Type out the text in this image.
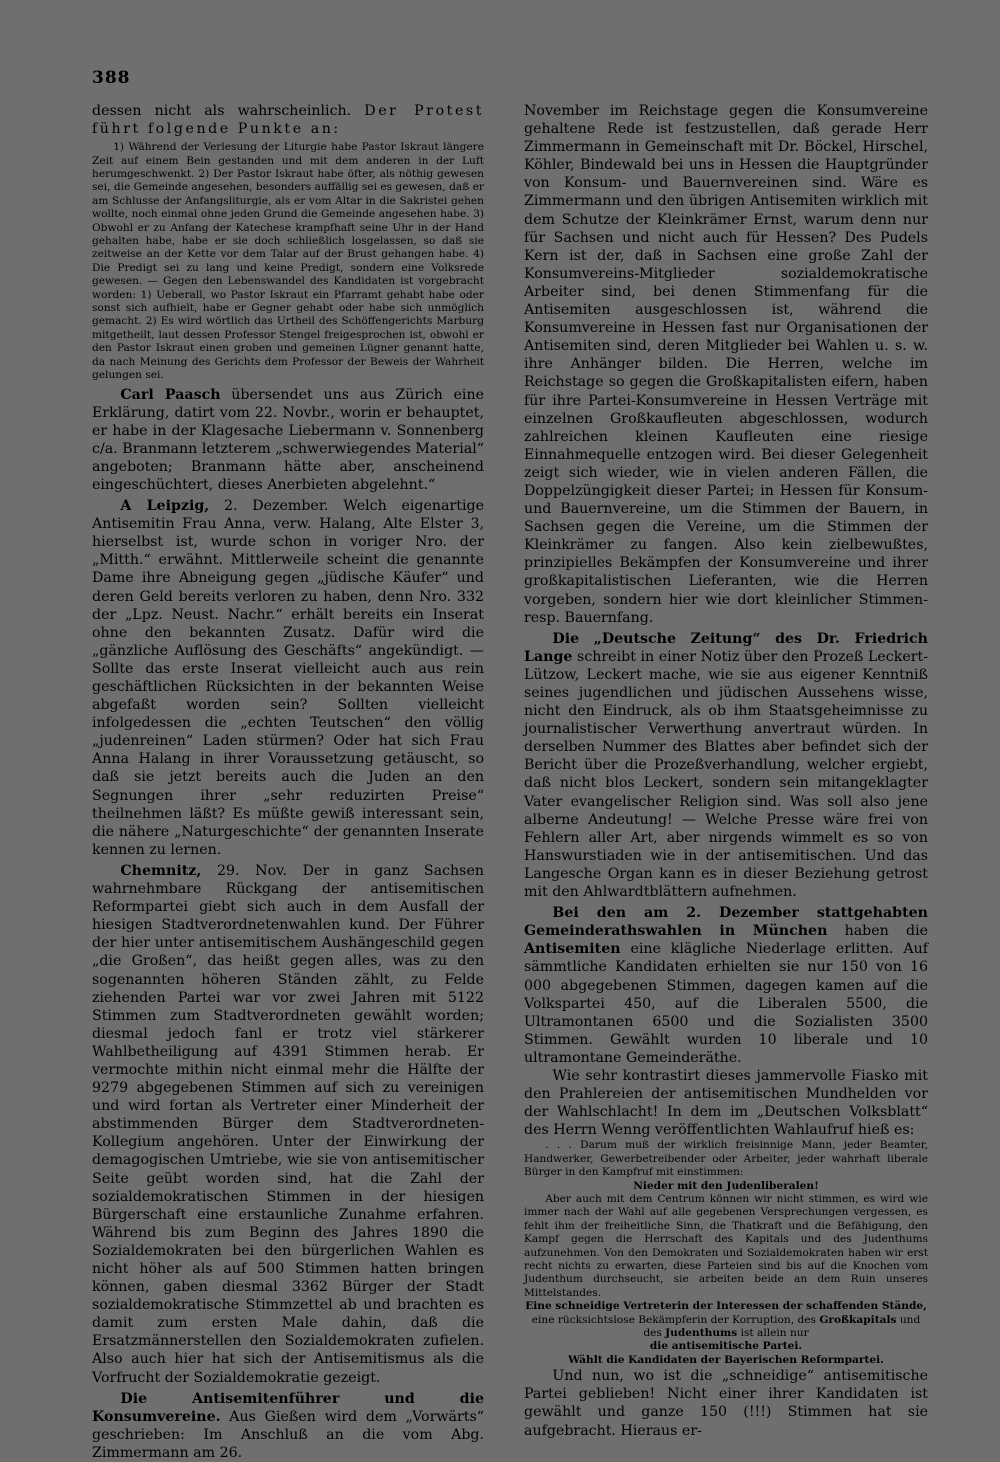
388

dessen nicht als wahrscheinlich. Der Protest führt folgende Punkte an:

1) Während der Verlesung der Liturgie habe Pastor Iskraut längere Zeit auf einem Bein gestanden und mit dem anderen in der Luft herumgeschwenkt. 2) Der Pastor Iskraut habe öfter, als nöthig gewesen sei, die Gemeinde angesehen, besonders auffällig sei es gewesen, daß er am Schlusse der Anfangsliturgie, als er vom Altar in die Sakristei gehen wollte, noch einmal ohne jeden Grund die Gemeinde angesehen habe. 3) Obwohl er zu Anfang der Katechese krampfhaft seine Uhr in der Hand gehalten habe, habe er sie doch schließlich losgelassen, so daß sie zeitweise an der Kette vor dem Talar auf der Brust gehangen habe. 4) Die Predigt sei zu lang und keine Predigt, sondern eine Volksrede gewesen. — Gegen den Lebenswandel des Kandidaten ist vorgebracht worden: 1) Ueberall, wo Pastor Iskraut ein Pfarramt gehabt habe oder sonst sich aufhielt, habe er Gegner gehabt oder habe sich unmöglich gemacht. 2) Es wird wörtlich das Urtheil des Schöffengerichts Marburg mitgetheilt, laut dessen Professor Stengel freigesprochen ist, obwohl er den Pastor Iskraut einen groben und gemeinen Lügner genannt hatte, da nach Meinung des Gerichts dem Professor der Beweis der Wahrheit gelungen sei.

Carl Paasch übersendet uns aus Zürich eine Erklärung, datirt vom 22. Novbr., worin er behauptet, er habe in der Klagesache Liebermann v. Sonnenberg c/a. Branmann letzterem „schwerwiegendes Material“ angeboten; Branmann hätte aber, anscheinend eingeschüchtert, dieses Anerbieten abgelehnt.“

A Leipzig, 2. Dezember. Welch eigenartige Antisemitin Frau Anna, verw. Halang, Alte Elster 3, hierselbst ist, wurde schon in voriger Nro. der „Mitth.“ erwähnt. Mittlerweile scheint die genannte Dame ihre Abneigung gegen „jüdische Käufer“ und deren Geld bereits verloren zu haben, denn Nro. 332 der „Lpz. Neust. Nachr.“ erhält bereits ein Inserat ohne den bekannten Zusatz. Dafür wird die „gänzliche Auflösung des Geschäfts“ angekündigt. — Sollte das erste Inserat vielleicht auch aus rein geschäftlichen Rücksichten in der bekannten Weise abgefaßt worden sein? Sollten vielleicht infolgedessen die „echten Teutschen“ den völlig „judenreinen“ Laden stürmen? Oder hat sich Frau Anna Halang in ihrer Voraussetzung getäuscht, so daß sie jetzt bereits auch die Juden an den Segnungen ihrer „sehr reduzirten Preise“ theilnehmen läßt? Es müßte gewiß interessant sein, die nähere „Naturgeschichte“ der genannten Inserate kennen zu lernen.

Chemnitz, 29. Nov. Der in ganz Sachsen wahrnehmbare Rückgang der antisemitischen Reformpartei giebt sich auch in dem Ausfall der hiesigen Stadtverordnetenwahlen kund. Der Führer der hier unter antisemitischem Aushängeschild gegen „die Großen“, das heißt gegen alles, was zu den sogenannten höheren Ständen zählt, zu Felde ziehenden Partei war vor zwei Jahren mit 5122 Stimmen zum Stadtverordneten gewählt worden; diesmal jedoch fanl er trotz viel stärkerer Wahlbetheiligung auf 4391 Stimmen herab. Er vermochte mithin nicht einmal mehr die Hälfte der 9279 abgegebenen Stimmen auf sich zu vereinigen und wird fortan als Vertreter einer Minderheit der abstimmenden Bürger dem Stadtverordneten-Kollegium angehören. Unter der Einwirkung der demagogischen Umtriebe, wie sie von antisemitischer Seite geübt worden sind, hat die Zahl der sozialdemokratischen Stimmen in der hiesigen Bürgerschaft eine erstaunliche Zunahme erfahren. Während bis zum Beginn des Jahres 1890 die Sozialdemokraten bei den bürgerlichen Wahlen es nicht höher als auf 500 Stimmen hatten bringen können, gaben diesmal 3362 Bürger der Stadt sozialdemokratische Stimmzettel ab und brachten es damit zum ersten Male dahin, daß die Ersatzmännerstellen den Sozialdemokraten zufielen. Also auch hier hat sich der Antisemitismus als die Vorfrucht der Sozialdemokratie gezeigt.

Die Antisemitenführer und die Konsumvereine. Aus Gießen wird dem „Vorwärts“ geschrieben: Im Anschluß an die vom Abg. Zimmermann am 26.

November im Reichstage gegen die Konsumvereine gehaltene Rede ist festzustellen, daß gerade Herr Zimmermann in Gemeinschaft mit Dr. Böckel, Hirschel, Köhler, Bindewald bei uns in Hessen die Hauptgründer von Konsum- und Bauernvereinen sind. Wäre es Zimmermann und den übrigen Antisemiten wirklich mit dem Schutze der Kleinkrämer Ernst, warum denn nur für Sachsen und nicht auch für Hessen? Des Pudels Kern ist der, daß in Sachsen eine große Zahl der Konsumvereins-Mitglieder sozialdemokratische Arbeiter sind, bei denen Stimmenfang für die Antisemiten ausgeschlossen ist, während die Konsumvereine in Hessen fast nur Organisationen der Antisemiten sind, deren Mitglieder bei Wahlen u. s. w. ihre Anhänger bilden. Die Herren, welche im Reichstage so gegen die Großkapitalisten eifern, haben für ihre Partei-Konsumvereine in Hessen Verträge mit einzelnen Großkaufleuten abgeschlossen, wodurch zahlreichen kleinen Kaufleuten eine riesige Einnahmequelle entzogen wird. Bei dieser Gelegenheit zeigt sich wieder, wie in vielen anderen Fällen, die Doppelzüngigkeit dieser Partei; in Hessen für Konsum- und Bauernvereine, um die Stimmen der Bauern, in Sachsen gegen die Vereine, um die Stimmen der Kleinkrämer zu fangen. Also kein zielbewußtes, prinzipielles Bekämpfen der Konsumvereine und ihrer großkapitalistischen Lieferanten, wie die Herren vorgeben, sondern hier wie dort kleinlicher Stimmen- resp. Bauernfang.

Die „Deutsche Zeitung“ des Dr. Friedrich Lange schreibt in einer Notiz über den Prozeß Leckert-Lützow, Leckert mache, wie sie aus eigener Kenntniß seines jugendlichen und jüdischen Aussehens wisse, nicht den Eindruck, als ob ihm Staatsgeheimnisse zu journalistischer Verwerthung anvertraut würden. In derselben Nummer des Blattes aber befindet sich der Bericht über die Prozeßverhandlung, welcher ergiebt, daß nicht blos Leckert, sondern sein mitangeklagter Vater evangelischer Religion sind. Was soll also jene alberne Andeutung! — Welche Presse wäre frei von Fehlern aller Art, aber nirgends wimmelt es so von Hanswurstiaden wie in der antisemitischen. Und das Langesche Organ kann es in dieser Beziehung getrost mit den Ahlwardtblättern aufnehmen.

Bei den am 2. Dezember stattgehabten Gemeinderathswahlen in München haben die Antisemiten eine klägliche Niederlage erlitten. Auf sämmtliche Kandidaten erhielten sie nur 150 von 16 000 abgegebenen Stimmen, dagegen kamen auf die Volkspartei 450, auf die Liberalen 5500, die Ultramontanen 6500 und die Sozialisten 3500 Stimmen. Gewählt wurden 10 liberale und 10 ultramontane Gemeinderäthe.

Wie sehr kontrastirt dieses jammervolle Fiasko mit den Prahlereien der antisemitischen Mundhelden vor der Wahlschlacht! In dem im „Deutschen Volksblatt“ des Herrn Wenng veröffentlichten Wahlaufruf hieß es:

. . . Darum muß der wirklich freisinnige Mann, jeder Beamter, Handwerker, Gewerbetreibender oder Arbeiter, jeder wahrhaft liberale Bürger in den Kampfruf mit einstimmen:

Nieder mit den Judenliberalen!

Aber auch mit dem Centrum können wir nicht stimmen, es wird wie immer nach der Wahl auf alle gegebenen Versprechungen vergessen, es fehlt ihm der freiheitliche Sinn, die Thatkraft und die Befähigung, den Kampf gegen die Herrschaft des Kapitals und des Judenthums aufzunehmen. Von den Demokraten und Sozialdemokraten haben wir erst recht nichts zu erwarten, diese Parteien sind bis auf die Knochen vom Judenthum durchseucht, sie arbeiten beide an dem Ruin unseres Mittelstandes.

Eine schneidige Vertreterin der Interessen der schaffenden Stände, eine rücksichtslose Bekämpferin der Korruption, des Großkapitals und des Judenthums ist allein nur

die antisemitische Partei.

Wählt die Kandidaten der Bayerischen Reformpartei.

Und nun, wo ist die „schneidige“ antisemitische Partei geblieben! Nicht einer ihrer Kandidaten ist gewählt und ganze 150 (!!!) Stimmen hat sie aufgebracht. Hieraus er-
